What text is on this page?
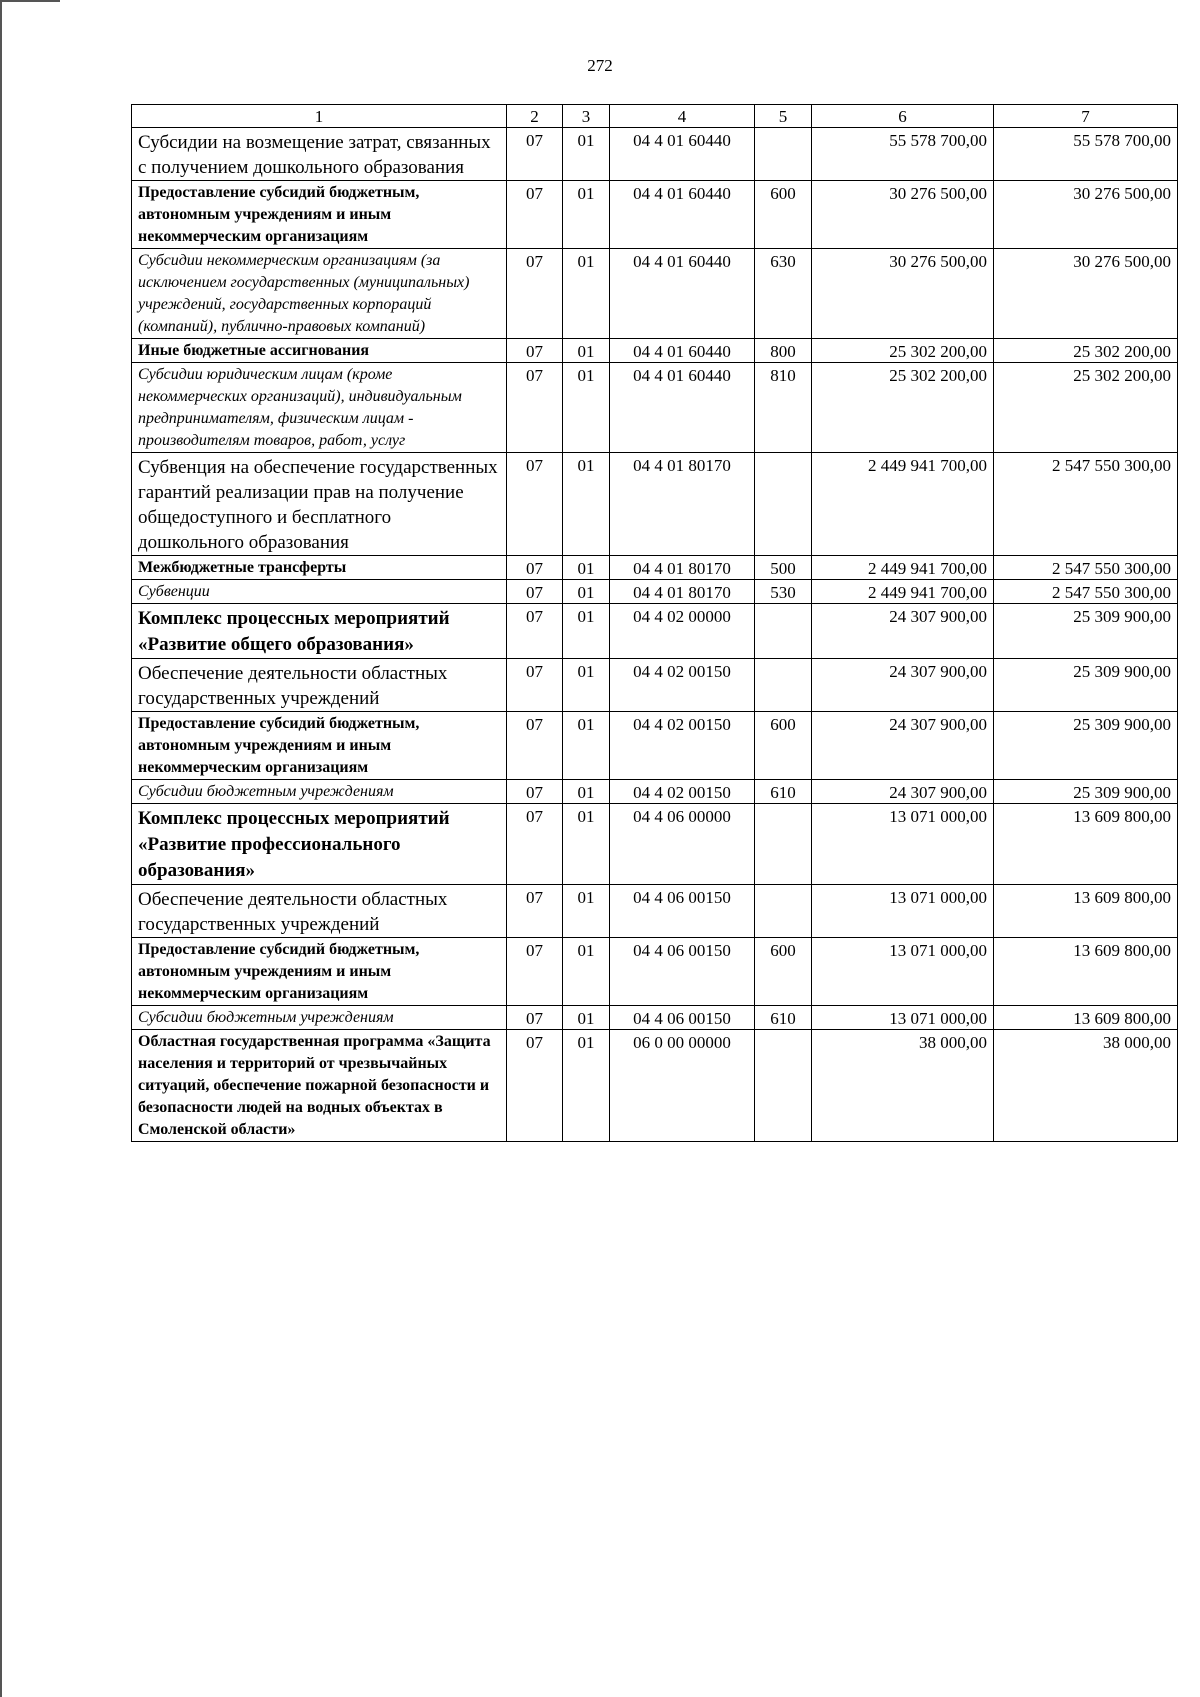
272
1	2	3	4	5	6	7
Субсидии на возмещение затрат, связанных с получением дошкольного образования	07	01	04 4 01 60440		55 578 700,00	55 578 700,00
Предоставление субсидий бюджетным, автономным учреждениям и иным некоммерческим организациям	07	01	04 4 01 60440	600	30 276 500,00	30 276 500,00
Субсидии некоммерческим организациям (за исключением государственных (муниципальных) учреждений, государственных корпораций (компаний), публично-правовых компаний)	07	01	04 4 01 60440	630	30 276 500,00	30 276 500,00
Иные бюджетные ассигнования	07	01	04 4 01 60440	800	25 302 200,00	25 302 200,00
Субсидии юридическим лицам (кроме некоммерческих организаций), индивидуальным предпринимателям, физическим лицам - производителям товаров, работ, услуг	07	01	04 4 01 60440	810	25 302 200,00	25 302 200,00
Субвенция на обеспечение государственных гарантий реализации прав на получение общедоступного и бесплатного дошкольного образования	07	01	04 4 01 80170		2 449 941 700,00	2 547 550 300,00
Межбюджетные трансферты	07	01	04 4 01 80170	500	2 449 941 700,00	2 547 550 300,00
Субвенции	07	01	04 4 01 80170	530	2 449 941 700,00	2 547 550 300,00
Комплекс процессных мероприятий «Развитие общего образования»	07	01	04 4 02 00000		24 307 900,00	25 309 900,00
Обеспечение деятельности областных государственных учреждений	07	01	04 4 02 00150		24 307 900,00	25 309 900,00
Предоставление субсидий бюджетным, автономным учреждениям и иным некоммерческим организациям	07	01	04 4 02 00150	600	24 307 900,00	25 309 900,00
Субсидии бюджетным учреждениям	07	01	04 4 02 00150	610	24 307 900,00	25 309 900,00
Комплекс процессных мероприятий «Развитие профессионального образования»	07	01	04 4 06 00000		13 071 000,00	13 609 800,00
Обеспечение деятельности областных государственных учреждений	07	01	04 4 06 00150		13 071 000,00	13 609 800,00
Предоставление субсидий бюджетным, автономным учреждениям и иным некоммерческим организациям	07	01	04 4 06 00150	600	13 071 000,00	13 609 800,00
Субсидии бюджетным учреждениям	07	01	04 4 06 00150	610	13 071 000,00	13 609 800,00
Областная государственная программа «Защита населения и территорий от чрезвычайных ситуаций, обеспечение пожарной безопасности и безопасности людей на водных объектах в Смоленской области»	07	01	06 0 00 00000		38 000,00	38 000,00
